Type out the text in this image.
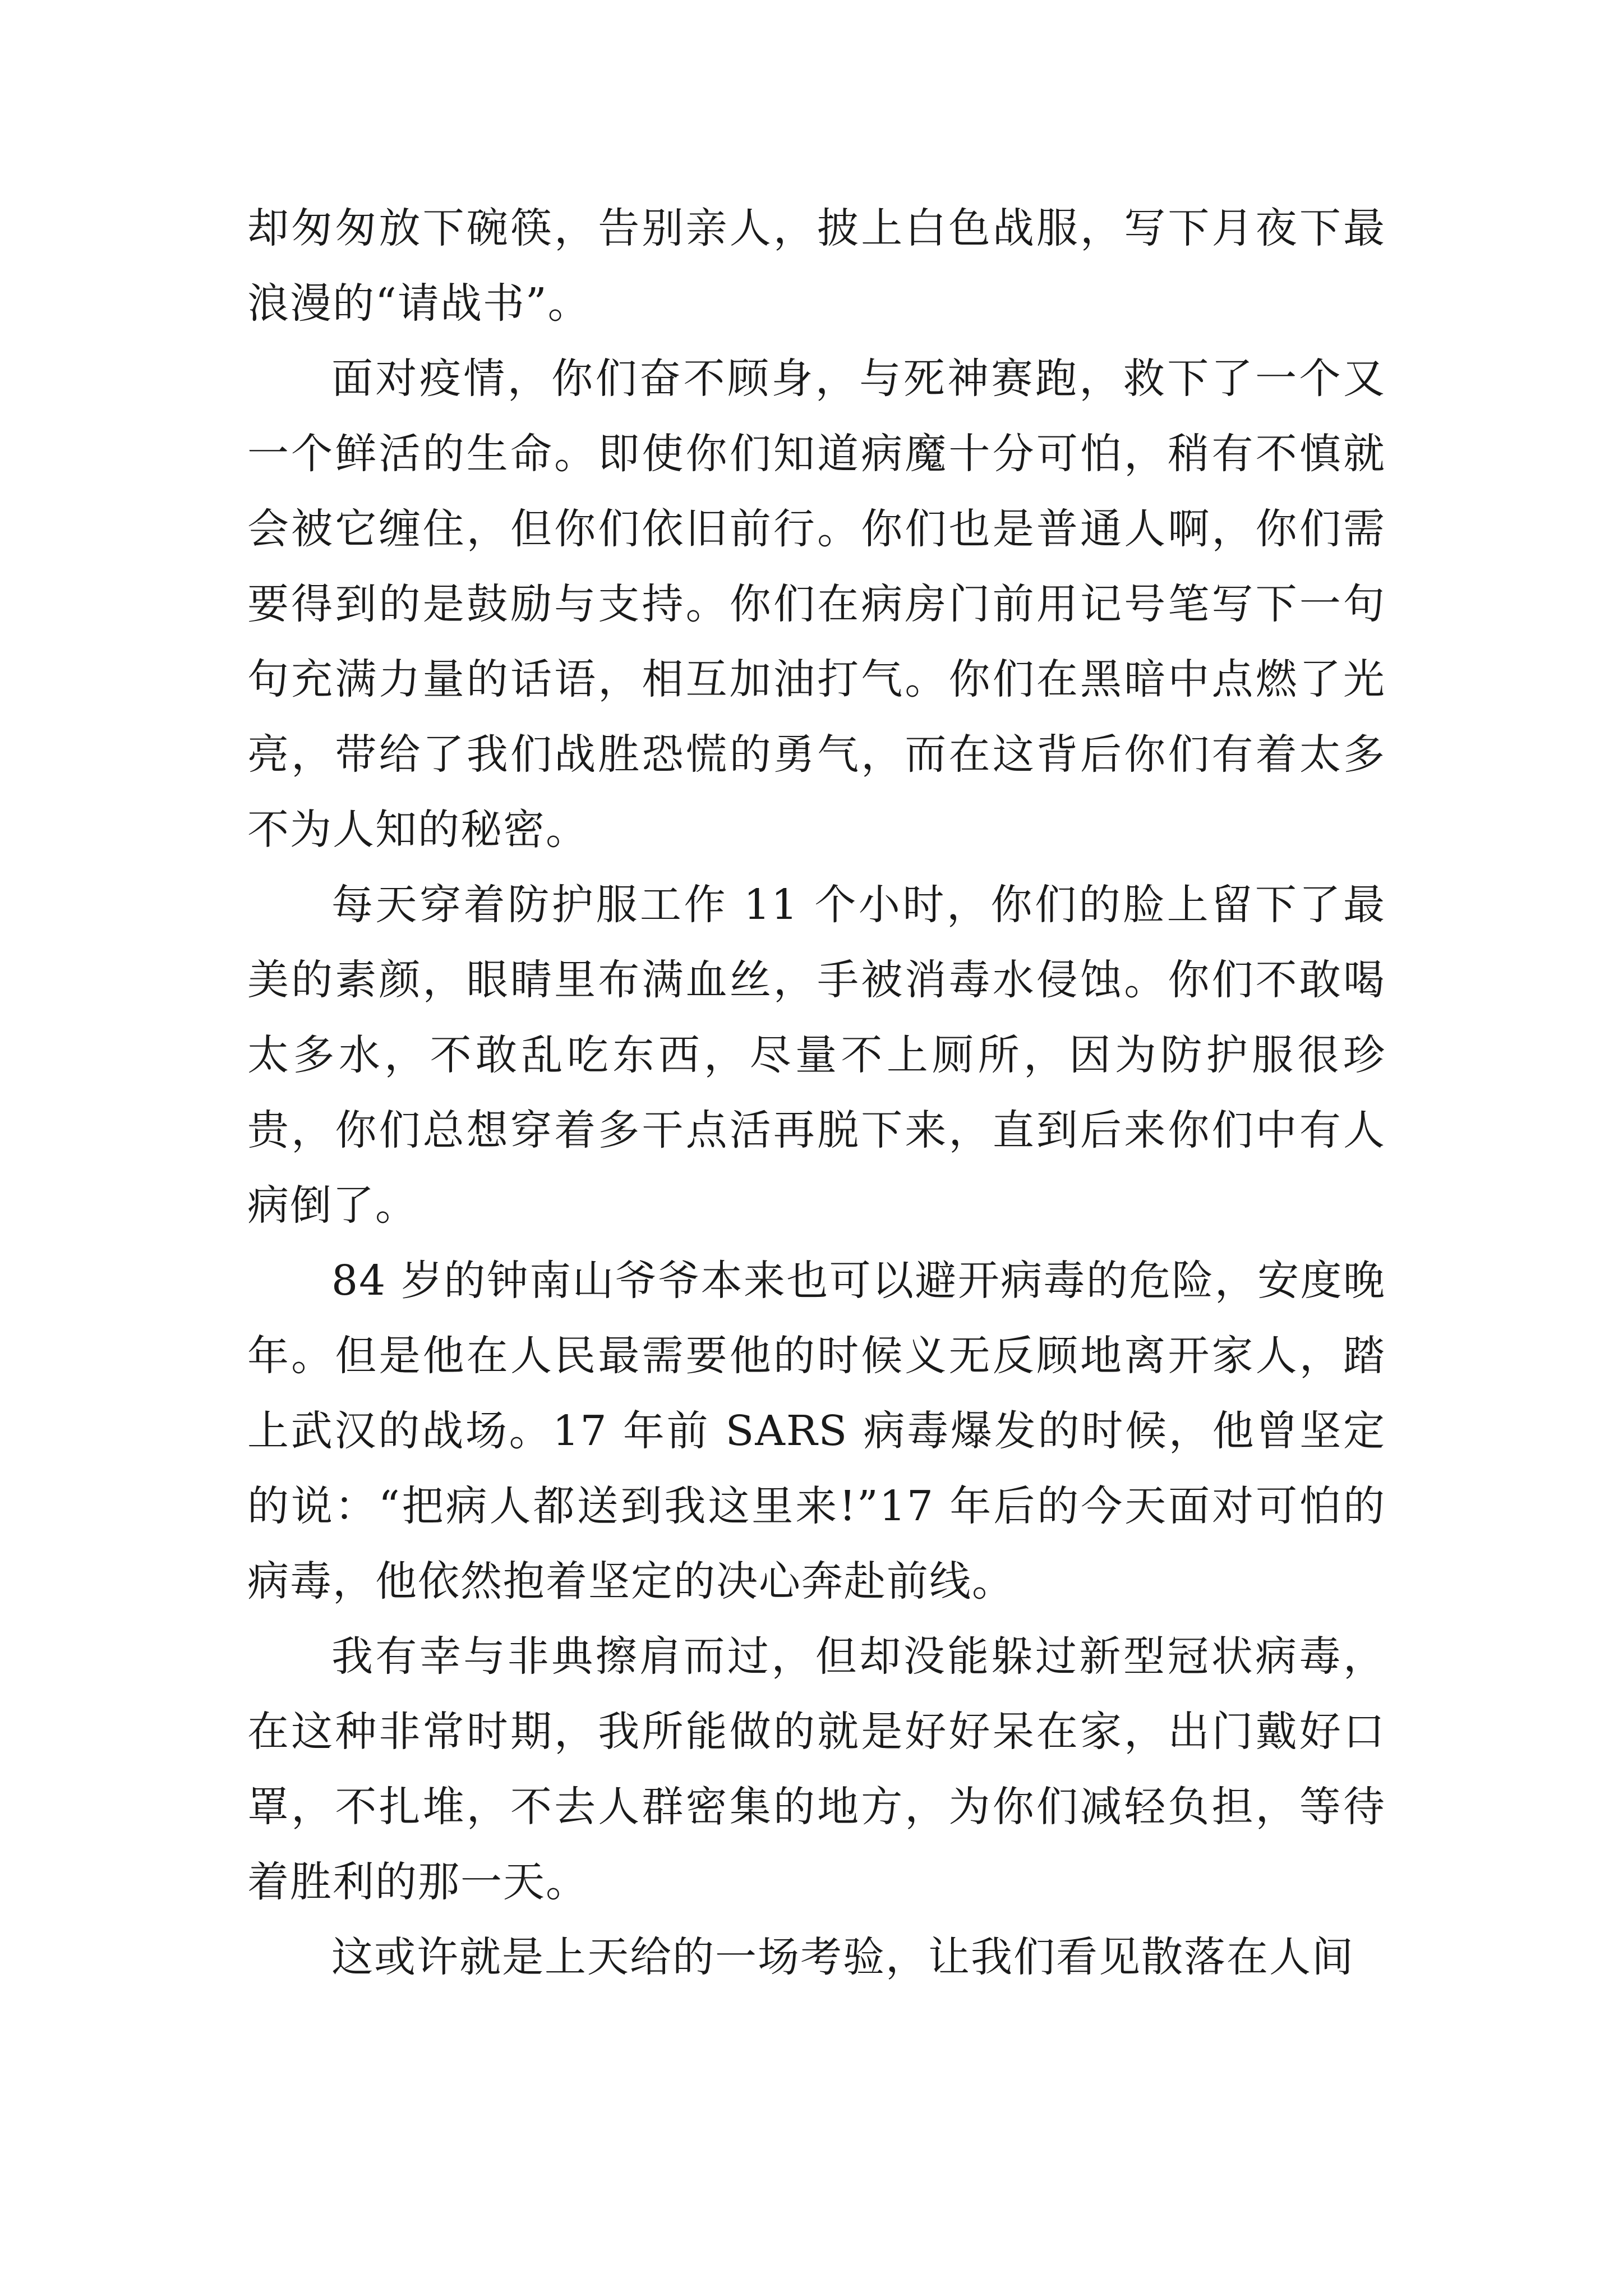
却匆匆放下碗筷，告别亲人，披上白色战服，写下月夜下最浪漫的“请战书”。

面对疫情，你们奋不顾身，与死神赛跑，救下了一个又一个鲜活的生命。即使你们知道病魔十分可怕，稍有不慎就会被它缠住，但你们依旧前行。你们也是普通人啊，你们需要得到的是鼓励与支持。你们在病房门前用记号笔写下一句句充满力量的话语，相互加油打气。你们在黑暗中点燃了光亮，带给了我们战胜恐慌的勇气，而在这背后你们有着太多不为人知的秘密。

每天穿着防护服工作 11 个小时，你们的脸上留下了最美的素颜，眼睛里布满血丝，手被消毒水侵蚀。你们不敢喝太多水，不敢乱吃东西，尽量不上厕所，因为防护服很珍贵，你们总想穿着多干点活再脱下来，直到后来你们中有人病倒了。

84 岁的钟南山爷爷本来也可以避开病毒的危险，安度晚年。但是他在人民最需要他的时候义无反顾地离开家人，踏上武汉的战场。17 年前 SARS 病毒爆发的时候，他曾坚定的说：“把病人都送到我这里来!”17 年后的今天面对可怕的病毒，他依然抱着坚定的决心奔赴前线。

我有幸与非典擦肩而过，但却没能躲过新型冠状病毒，在这种非常时期，我所能做的就是好好呆在家，出门戴好口罩，不扎堆，不去人群密集的地方，为你们减轻负担，等待着胜利的那一天。

这或许就是上天给的一场考验，让我们看见散落在人间
